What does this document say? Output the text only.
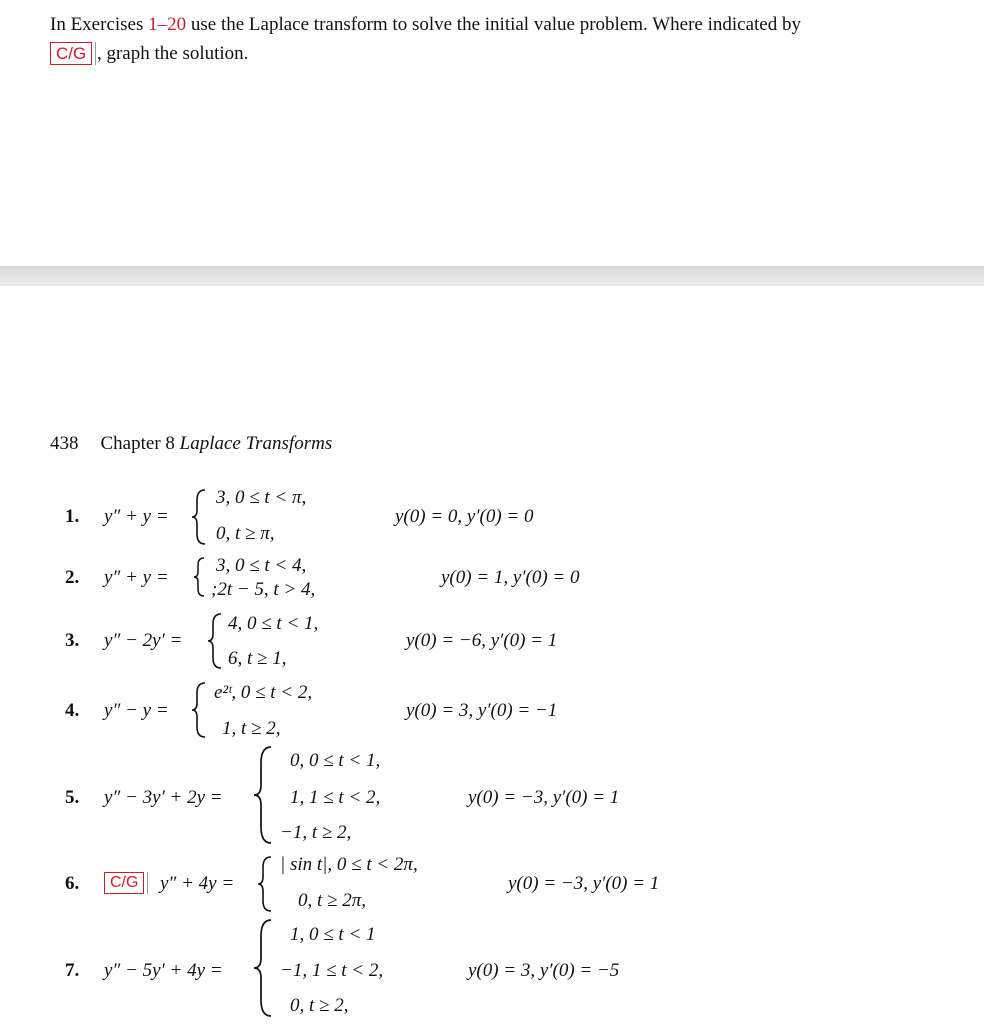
In Exercises 1–20 use the Laplace transform to solve the initial value problem. Where indicated by
C/G , graph the solution.
438 Chapter 8 Laplace Transforms
1. y″ + y =
3, 0 ≤ t < π,
0, t ≥ π,
y(0) = 0, y′(0) = 0
2. y″ + y =
3, 0 ≤ t < 4,
;2t − 5, t > 4,
y(0) = 1, y′(0) = 0
3. y″ − 2y′ =
4, 0 ≤ t < 1,
6, t ≥ 1,
y(0) = −6, y′(0) = 1
4. y″ − y =
e²ᵗ, 0 ≤ t < 2,
1, t ≥ 2,
y(0) = 3, y′(0) = −1
5. y″ − 3y′ + 2y =
0, 0 ≤ t < 1,
1, 1 ≤ t < 2,
−1, t ≥ 2,
y(0) = −3, y′(0) = 1
6.	C/G	y″ + 4y =
| sin t|, 0 ≤ t < 2π,
0, t ≥ 2π,
y(0) = −3, y′(0) = 1
7. y″ − 5y′ + 4y =
1, 0 ≤ t < 1
−1, 1 ≤ t < 2,
0, t ≥ 2,
y(0) = 3, y′(0) = −5
